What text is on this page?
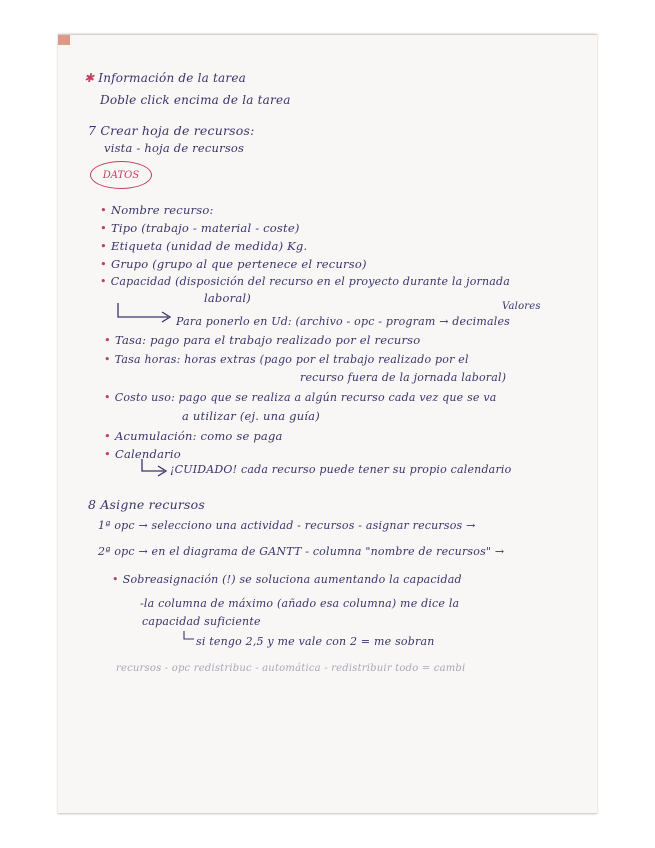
✱ Información de la tarea
Doble click encima de la tarea
7 Crear hoja de recursos:
vista - hoja de recursos
DATOS
• Nombre recurso:
• Tipo (trabajo - material - coste)
• Etiqueta (unidad de medida) Kg.
• Grupo (grupo al que pertenece el recurso)
• Capacidad (disposición del recurso en el proyecto durante la jornada
laboral)
Valores
Para ponerlo en Ud: (archivo - opc - program → decimales
• Tasa: pago para el trabajo realizado por el recurso
• Tasa horas: horas extras (pago por el trabajo realizado por el
recurso fuera de la jornada laboral)
• Costo uso: pago que se realiza a algún recurso cada vez que se va
a utilizar (ej. una guía)
• Acumulación: como se paga
• Calendario
¡CUIDADO! cada recurso puede tener su propio calendario
8 Asigne recursos
1ª opc → selecciono una actividad - recursos - asignar recursos →
2ª opc → en el diagrama de GANTT - columna "nombre de recursos" →
• Sobreasignación (!) se soluciona aumentando la capacidad
-la columna de máximo (añado esa columna) me dice la
capacidad suficiente
si tengo 2,5 y me vale con 2 = me sobran
recursos - opc redistribuc - automática - redistribuir todo = cambi
